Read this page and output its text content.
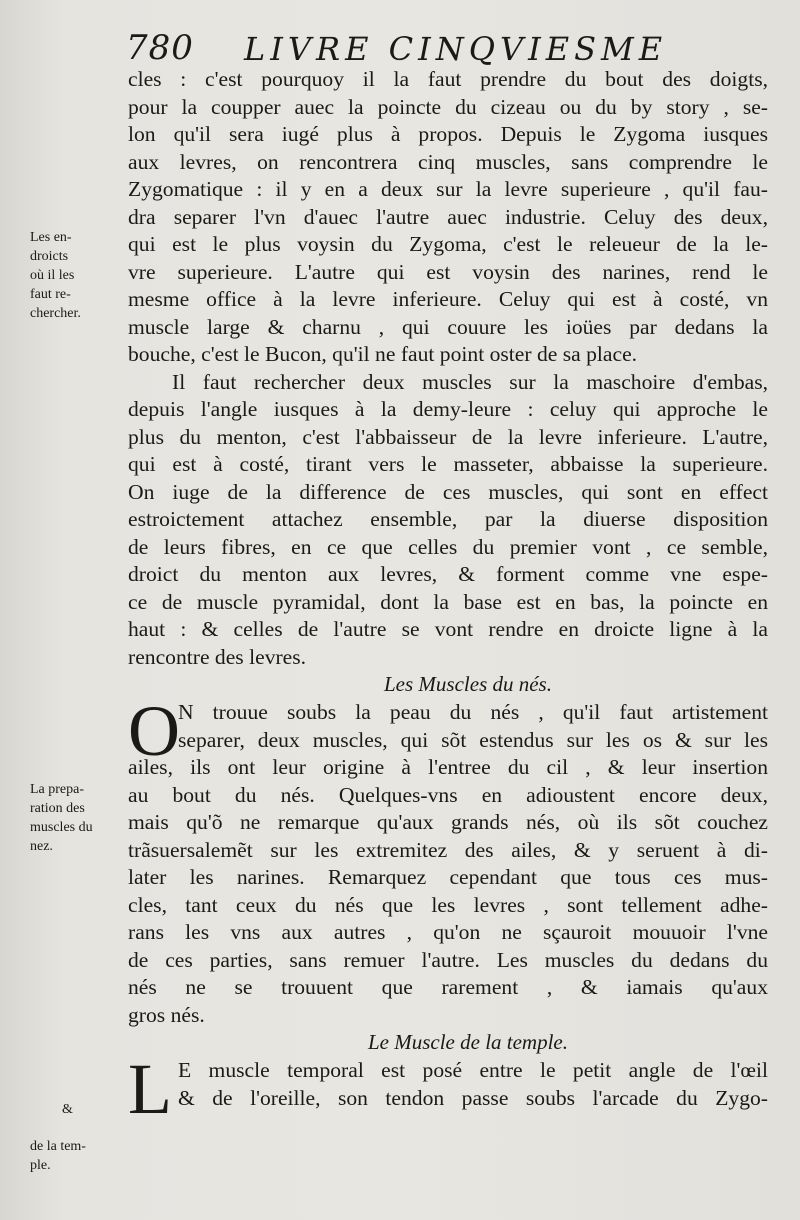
780 LIVRE CINQVIESME
Les en-
droicts
où il les
faut re-
chercher.
La prepa-
ration des
muscles du
nez.
&
de la tem-
ple.
cles : c'est pourquoy il la faut prendre du bout des doigts,
pour la coupper auec la poincte du cizeau ou du by story , se-
lon qu'il sera iugé plus à propos. Depuis le Zygoma iusques
aux levres, on rencontrera cinq muscles, sans comprendre le
Zygomatique : il y en a deux sur la levre superieure , qu'il fau-
dra separer l'vn d'auec l'autre auec industrie. Celuy des deux,
qui est le plus voysin du Zygoma, c'est le releueur de la le-
vre superieure. L'autre qui est voysin des narines, rend le
mesme office à la levre inferieure. Celuy qui est à costé, vn
muscle large & charnu , qui couure les ioües par dedans la
bouche, c'est le Bucon, qu'il ne faut point oster de sa place.
Il faut rechercher deux muscles sur la maschoire d'embas,
depuis l'angle iusques à la demy-leure : celuy qui approche le
plus du menton, c'est l'abbaisseur de la levre inferieure. L'autre,
qui est à costé, tirant vers le masseter, abbaisse la superieure.
On iuge de la difference de ces muscles, qui sont en effect
estroictement attachez ensemble, par la diuerse disposition
de leurs fibres, en ce que celles du premier vont , ce semble,
droict du menton aux levres, & forment comme vne espe-
ce de muscle pyramidal, dont la base est en bas, la poincte en
haut : & celles de l'autre se vont rendre en droicte ligne à la
rencontre des levres.
Les Muscles du nés.
O
N trouue soubs la peau du nés , qu'il faut artistement
separer, deux muscles, qui sõt estendus sur les os & sur les
ailes, ils ont leur origine à l'entree du cil , & leur insertion
au bout du nés. Quelques-vns en adioustent encore deux,
mais qu'õ ne remarque qu'aux grands nés, où ils sõt couchez
trãsuersalemẽt sur les extremitez des ailes, & y seruent à di-
later les narines. Remarquez cependant que tous ces mus-
cles, tant ceux du nés que les levres , sont tellement adhe-
rans les vns aux autres , qu'on ne sçauroit mouuoir l'vne
de ces parties, sans remuer l'autre. Les muscles du dedans du
nés ne se trouuent que rarement , & iamais qu'aux
gros nés.
Le Muscle de la temple.
L E muscle temporal est posé entre le petit angle de l'œil
& de l'oreille, son tendon passe soubs l'arcade du Zygo-
